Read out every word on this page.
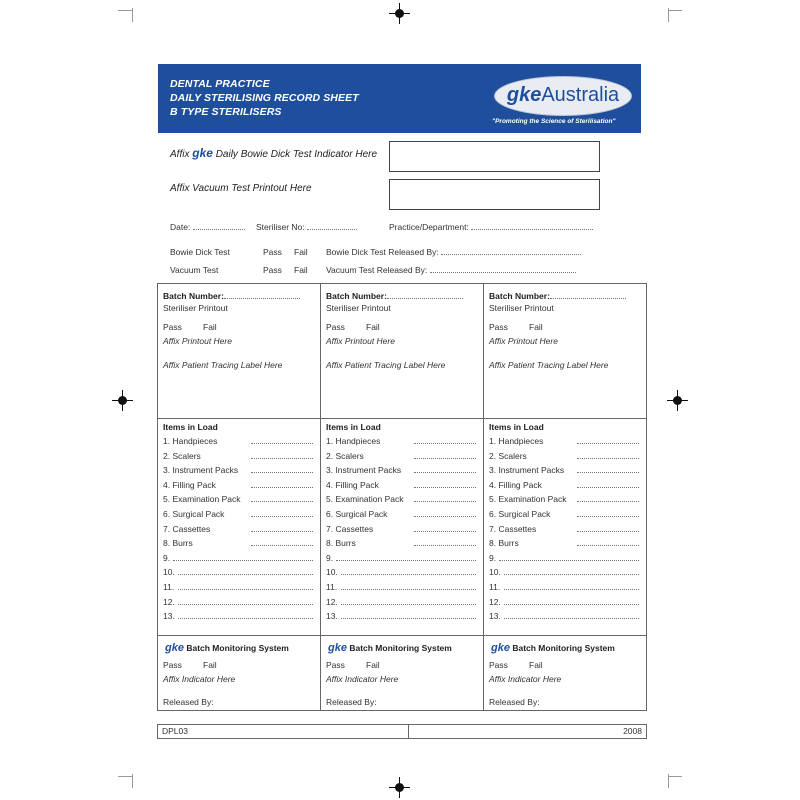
DENTAL PRACTICE
DAILY STERILISING RECORD SHEET
B TYPE STERILISERS
gkeAustralia
"Promoting the Science of Sterilisation"
Affix gke Daily Bowie Dick Test Indicator Here
Affix Vacuum Test Printout Here
Date:	Steriliser No:	Practice/Department:
Bowie Dick Test	Pass Fail Bowie Dick Test Released By:
Vacuum Test	Pass Fail Vacuum Test Released By:
Batch Number:
Steriliser Printout
Pass Fail
Affix Printout Here
Affix Patient Tracing Label Here
Batch Number:
Steriliser Printout
Pass Fail
Affix Printout Here
Affix Patient Tracing Label Here
Batch Number:
Steriliser Printout
Pass Fail
Affix Printout Here
Affix Patient Tracing Label Here
Items in Load
1. Handpieces
2. Scalers
3. Instrument Packs
4. Filling Pack
5. Examination Pack
6. Surgical Pack
7. Cassettes
8. Burrs
9.
10.
11.
12.
13.
Items in Load
1. Handpieces
2. Scalers
3. Instrument Packs
4. Filling Pack
5. Examination Pack
6. Surgical Pack
7. Cassettes
8. Burrs
9.
10.
11.
12.
13.
Items in Load
1. Handpieces
2. Scalers
3. Instrument Packs
4. Filling Pack
5. Examination Pack
6. Surgical Pack
7. Cassettes
8. Burrs
9.
10.
11.
12.
13.
gke Batch Monitoring System
Pass Fail
Affix Indicator Here
Released By:
gke Batch Monitoring System
Pass Fail
Affix Indicator Here
Released By:
gke Batch Monitoring System
Pass Fail
Affix Indicator Here
Released By:
DPL03	2008
